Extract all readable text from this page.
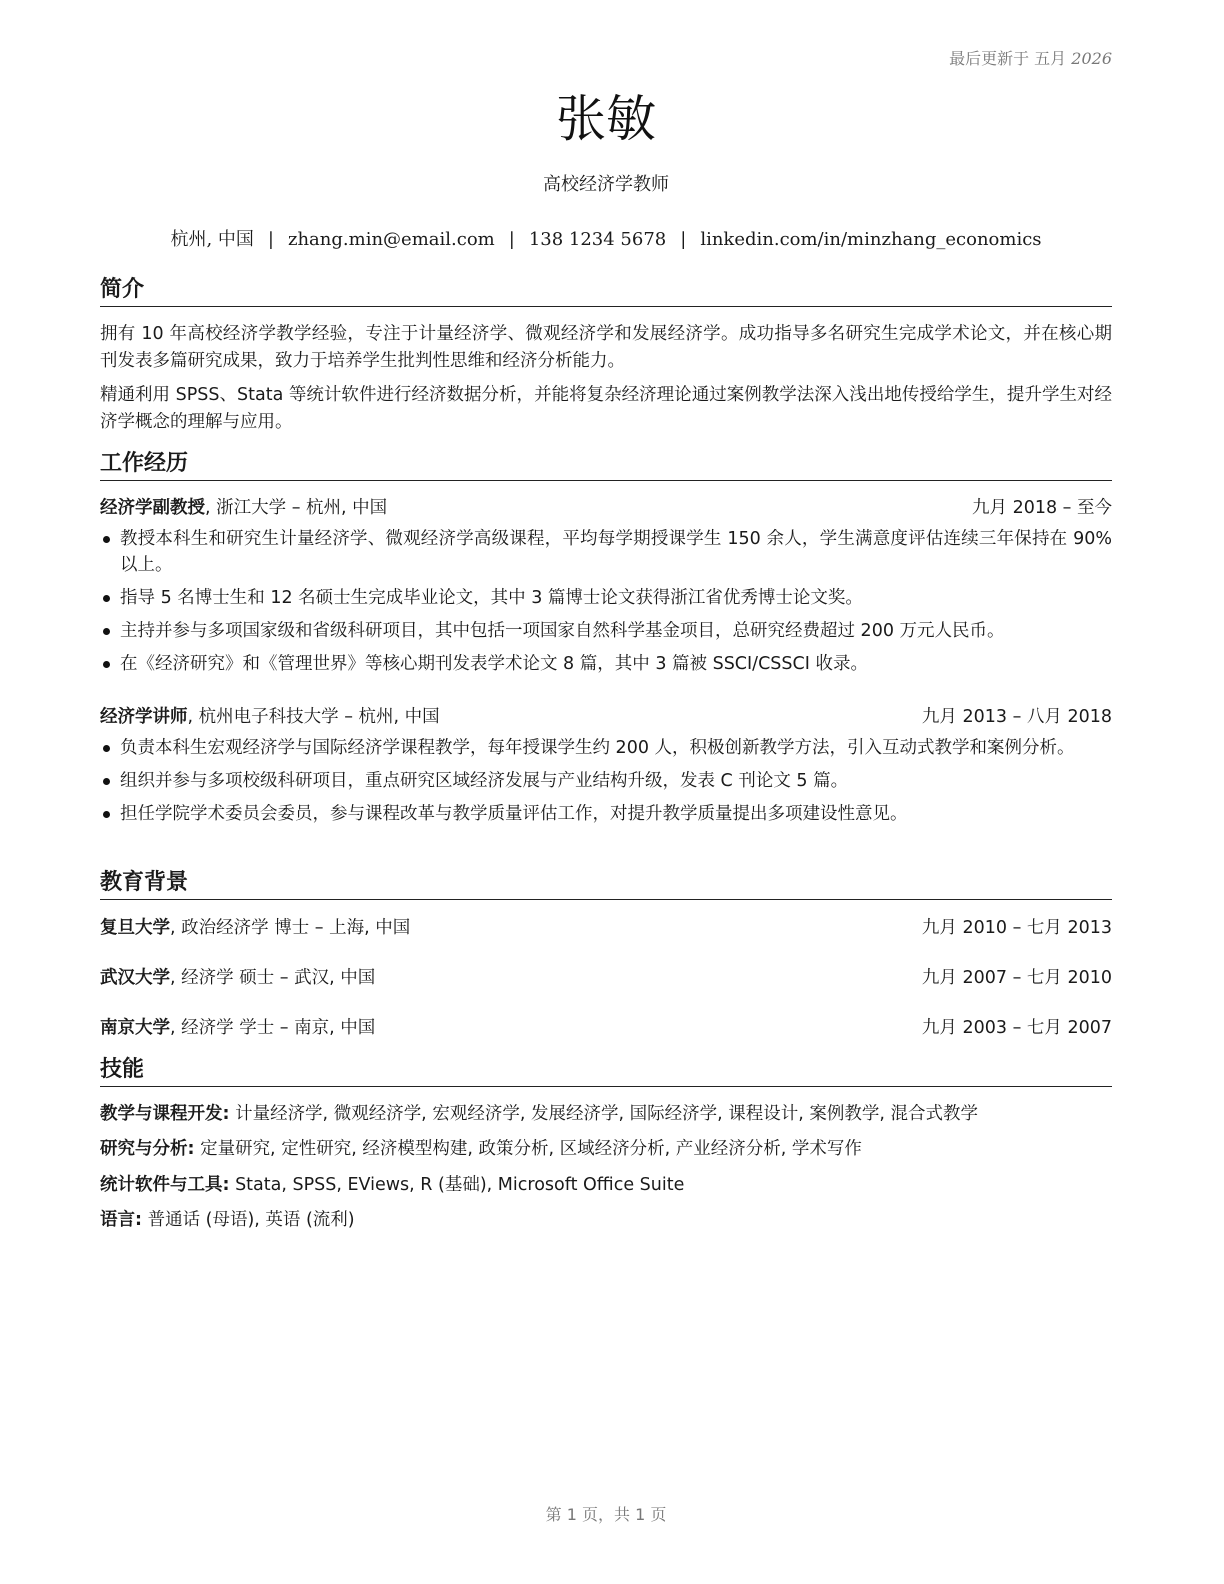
最后更新于 五月 2026
张敏
高校经济学教师
杭州, 中国 | zhang.min@email.com | 138 1234 5678 | linkedin.com/in/minzhang_economics
简介
拥有 10 年高校经济学教学经验，专注于计量经济学、微观经济学和发展经济学。成功指导多名研究生完成学术论文，并在核心期刊发表多篇研究成果，致力于培养学生批判性思维和经济分析能力。
精通利用 SPSS、Stata 等统计软件进行经济数据分析，并能将复杂经济理论通过案例教学法深入浅出地传授给学生，提升学生对经济学概念的理解与应用。
工作经历
经济学副教授, 浙江大学 – 杭州, 中国	九月 2018 – 至今
教授本科生和研究生计量经济学、微观经济学高级课程，平均每学期授课学生 150 余人，学生满意度评估连续三年保持在 90% 以上。
指导 5 名博士生和 12 名硕士生完成毕业论文，其中 3 篇博士论文获得浙江省优秀博士论文奖。
主持并参与多项国家级和省级科研项目，其中包括一项国家自然科学基金项目，总研究经费超过 200 万元人民币。
在《经济研究》和《管理世界》等核心期刊发表学术论文 8 篇，其中 3 篇被 SSCI/CSSCI 收录。
经济学讲师, 杭州电子科技大学 – 杭州, 中国	九月 2013 – 八月 2018
负责本科生宏观经济学与国际经济学课程教学，每年授课学生约 200 人，积极创新教学方法，引入互动式教学和案例分析。
组织并参与多项校级科研项目，重点研究区域经济发展与产业结构升级，发表 C 刊论文 5 篇。
担任学院学术委员会委员，参与课程改革与教学质量评估工作，对提升教学质量提出多项建设性意见。
教育背景
复旦大学, 政治经济学 博士 – 上海, 中国	九月 2010 – 七月 2013
武汉大学, 经济学 硕士 – 武汉, 中国	九月 2007 – 七月 2010
南京大学, 经济学 学士 – 南京, 中国	九月 2003 – 七月 2007
技能
教学与课程开发: 计量经济学, 微观经济学, 宏观经济学, 发展经济学, 国际经济学, 课程设计, 案例教学, 混合式教学
研究与分析: 定量研究, 定性研究, 经济模型构建, 政策分析, 区域经济分析, 产业经济分析, 学术写作
统计软件与工具: Stata, SPSS, EViews, R (基础), Microsoft Office Suite
语言: 普通话 (母语), 英语 (流利)
第 1 页，共 1 页
